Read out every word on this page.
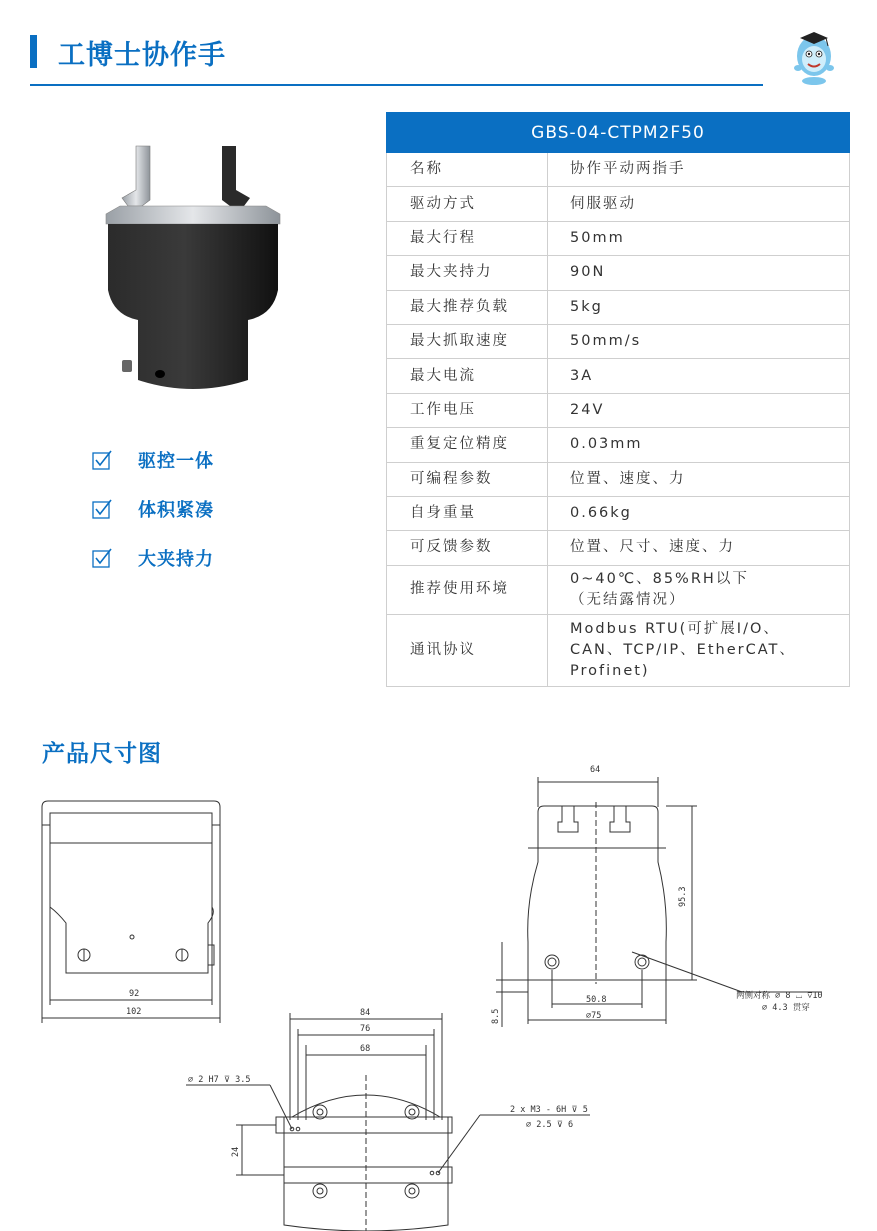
工博士协作手
驱控一体
体积紧凑
大夹持力
GBS-04-CTPM2F50	
名称	协作平动两指手
驱动方式	伺服驱动
最大行程	50mm
最大夹持力	90N
最大推荐负载	5kg
最大抓取速度	50mm/s
最大电流	3A
工作电压	24V
重复定位精度	0.03mm
可编程参数	位置、速度、力
自身重量	0.66kg
可反馈参数	位置、尺寸、速度、力
推荐使用环境	0~40℃、85%RH以下
（无结露情况）

通讯协议	Modbus RTU(可扩展I/O、
CAN、TCP/IP、EtherCAT、
Profinet)
产品尺寸图
92
102
64
95.3
50.8
∅75
8.5
两侧对称 ∅ 8 ⌴ ⊽10
∅ 4.3 贯穿
84
76
68
24
∅ 2 H7 ⊽ 3.5
2 x M3 - 6H ⊽ 5
∅ 2.5 ⊽ 6
